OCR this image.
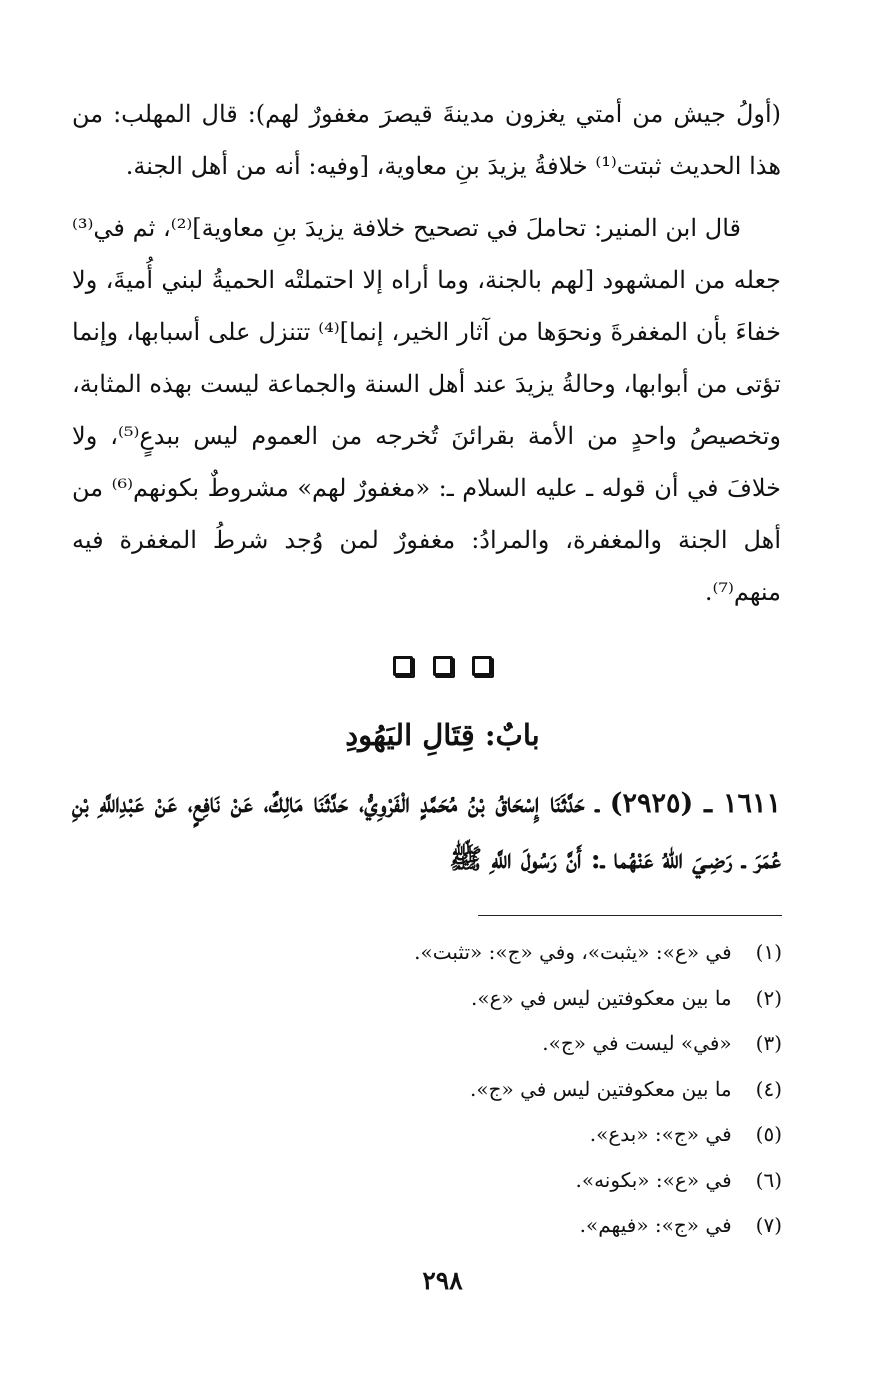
(أولُ جيش من أمتي يغزون مدينةَ قيصرَ مغفورٌ لهم): قال المهلب: من هذا الحديث ثبتت⁽¹⁾ خلافةُ يزيدَ بنِ معاوية، [وفيه: أنه من أهل الجنة.

قال ابن المنير: تحاملَ في تصحيح خلافة يزيدَ بنِ معاوية]⁽²⁾، ثم في⁽³⁾ جعله من المشهود [لهم بالجنة، وما أراه إلا احتملتْه الحميةُ لبني أُميةَ، ولا خفاءَ بأن المغفرةَ ونحوَها من آثار الخير، إنما]⁽⁴⁾ تتنزل على أسبابها، وإنما تؤتى من أبوابها، وحالةُ يزيدَ عند أهل السنة والجماعة ليست بهذه المثابة، وتخصيصُ واحدٍ من الأمة بقرائنَ تُخرجه من العموم ليس ببدعٍ⁽⁵⁾، ولا خلافَ في أن قوله ـ عليه السلام ـ: «مغفورٌ لهم» مشروطٌ بكونهم⁽⁶⁾ من أهل الجنة والمغفرة، والمرادُ: مغفورٌ لمن وُجد شرطُ المغفرة فيه منهم⁽⁷⁾.

بابٌ: قِتَالِ اليَهُودِ
١٦١١ ـ (٢٩٢٥) ـ حَدَّثَنَا إِسْحَاقُ بْنُ مُحَمَّدٍ الْفَرْوِيُّ، حَدَّثَنَا مَالِكٌ، عَنْ نَافِعٍ، عَنْ عَبْدِاللَّهِ بْنِ عُمَرَ ـ رَضِـيَ اللهُ عَنْهُما ـ: أَنَّ رَسُولَ اللَّهِ ﷺ
(١) في «ع»: «يثبت»، وفي «ج»: «تثبت».
(٢) ما بين معكوفتين ليس في «ع».
(٣) «في» ليست في «ج».
(٤) ما بين معكوفتين ليس في «ج».
(٥) في «ج»: «بدع».
(٦) في «ع»: «بكونه».
(٧) في «ج»: «فيهم».
٢٩٨
